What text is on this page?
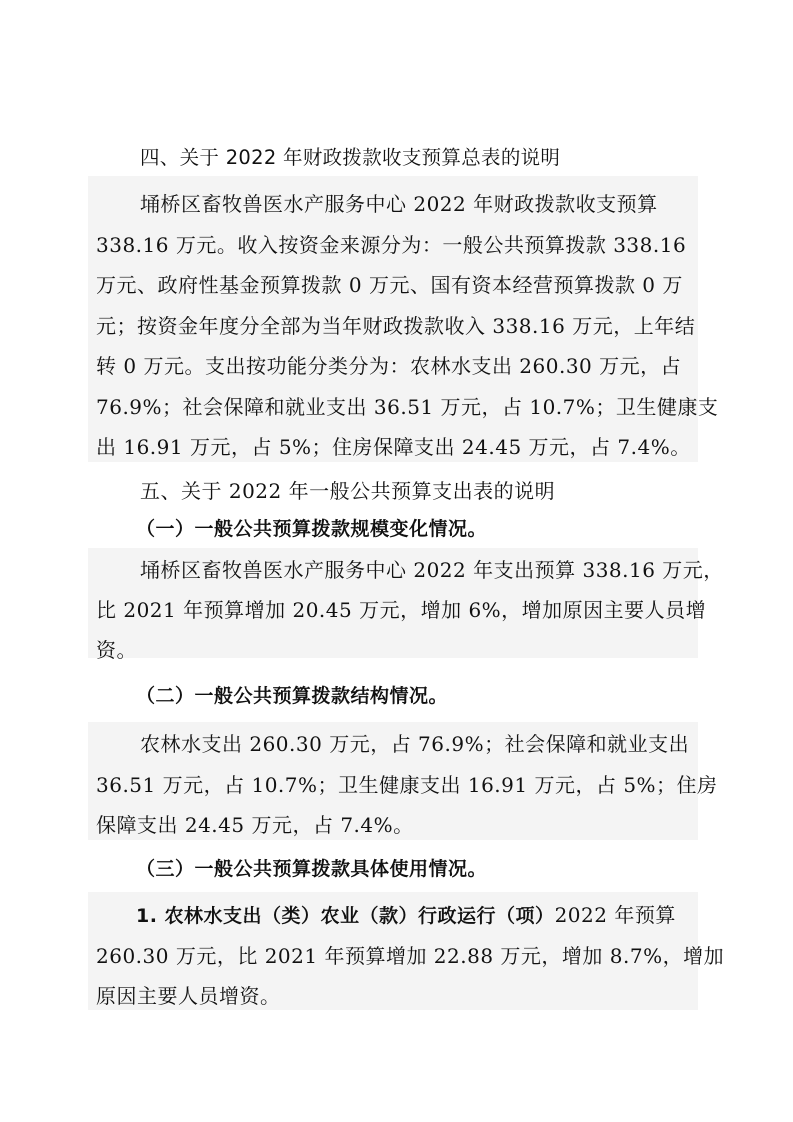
四、关于 2022 年财政拨款收支预算总表的说明
埇桥区畜牧兽医水产服务中心 2022 年财政拨款收支预算
338.16 万元。收入按资金来源分为：一般公共预算拨款 338.16
万元、政府性基金预算拨款 0 万元、国有资本经营预算拨款 0 万
元；按资金年度分全部为当年财政拨款收入 338.16 万元，上年结
转 0 万元。支出按功能分类分为：农林水支出 260.30 万元，占
76.9%；社会保障和就业支出 36.51 万元，占 10.7%；卫生健康支
出 16.91 万元，占 5%；住房保障支出 24.45 万元，占 7.4%。
五、关于 2022 年一般公共预算支出表的说明
（一）一般公共预算拨款规模变化情况。
埇桥区畜牧兽医水产服务中心 2022 年支出预算 338.16 万元，
比 2021 年预算增加 20.45 万元，增加 6%，增加原因主要人员增
资。
（二）一般公共预算拨款结构情况。
农林水支出 260.30 万元，占 76.9%；社会保障和就业支出
36.51 万元，占 10.7%；卫生健康支出 16.91 万元，占 5%；住房
保障支出 24.45 万元，占 7.4%。
（三）一般公共预算拨款具体使用情况。
1. 农林水支出（类）农业（款）行政运行（项）2022 年预算
260.30 万元，比 2021 年预算增加 22.88 万元，增加 8.7%，增加
原因主要人员增资。
